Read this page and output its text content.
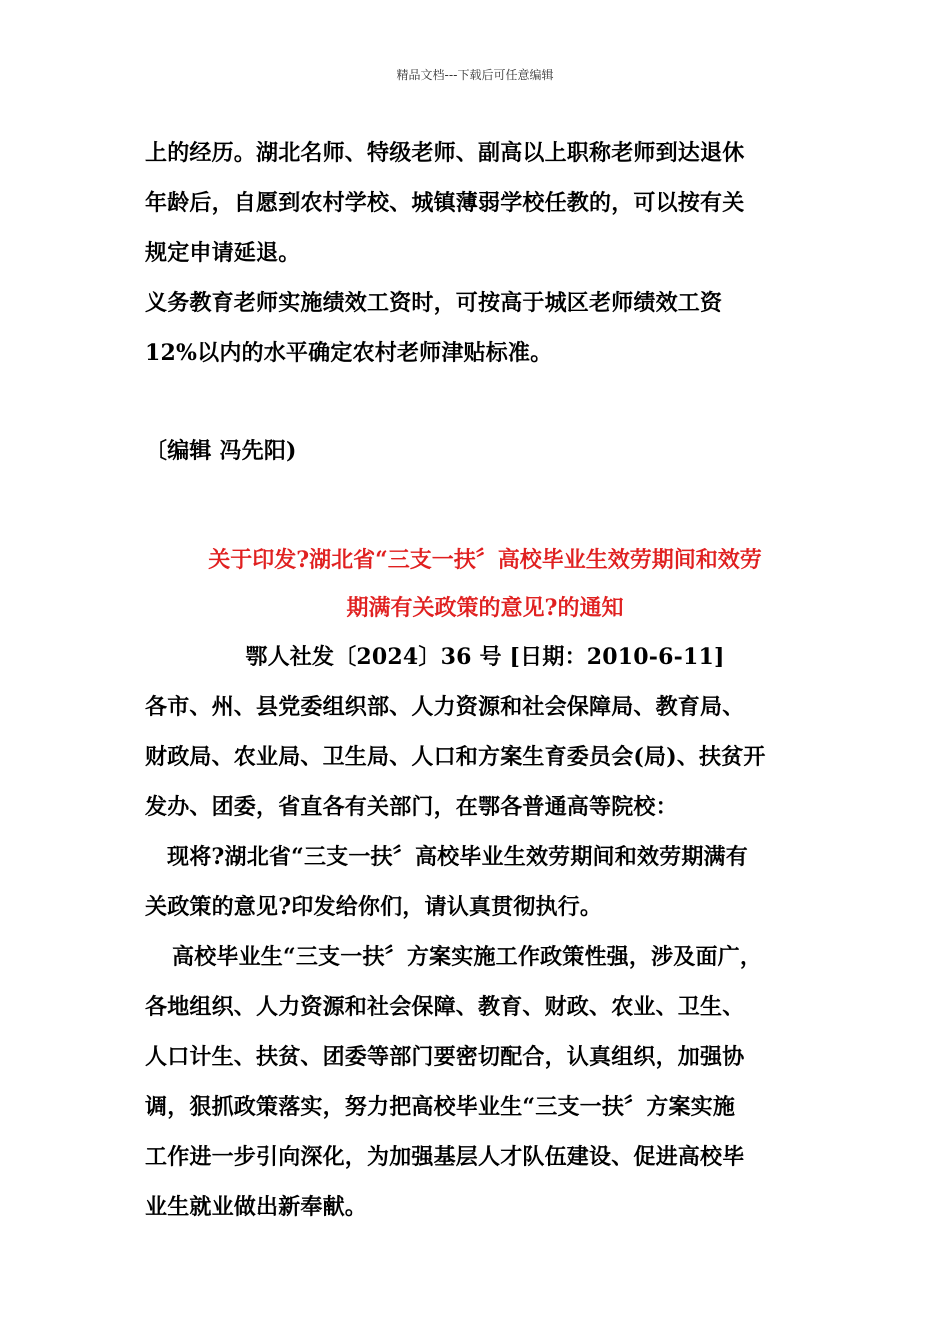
精品文档---下载后可任意编辑
上的经历。湖北名师、特级老师、副高以上职称老师到达退休
年龄后，自愿到农村学校、城镇薄弱学校任教的，可以按有关
规定申请延退。
义务教育老师实施绩效工资时，可按高于城区老师绩效工资
12%以内的水平确定农村老师津贴标准。
〔编辑 冯先阳)
关于印发?湖北省“三支一扶〞高校毕业生效劳期间和效劳
期满有关政策的意见?的通知
鄂人社发〔2024〕36 号 [日期：2010-6-11]
各市、州、县党委组织部、人力资源和社会保障局、教育局、
财政局、农业局、卫生局、人口和方案生育委员会(局)、扶贫开
发办、团委，省直各有关部门，在鄂各普通高等院校：
现将?湖北省“三支一扶〞高校毕业生效劳期间和效劳期满有
关政策的意见?印发给你们，请认真贯彻执行。
高校毕业生“三支一扶〞方案实施工作政策性强，涉及面广，
各地组织、人力资源和社会保障、教育、财政、农业、卫生、
人口计生、扶贫、团委等部门要密切配合，认真组织，加强协
调，狠抓政策落实，努力把高校毕业生“三支一扶〞方案实施
工作进一步引向深化，为加强基层人才队伍建设、促进高校毕
业生就业做出新奉献。
